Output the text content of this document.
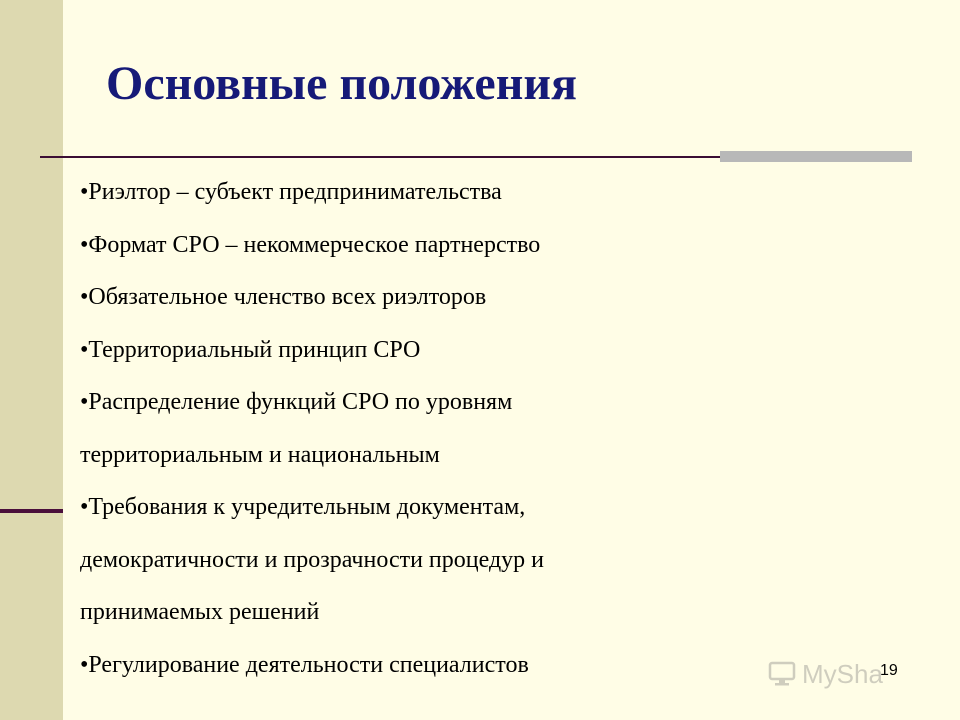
Основные положения
•Риэлтор – субъект предпринимательства
•Формат СРО – некоммерческое партнерство
•Обязательное членство всех риэлторов
•Территориальный принцип СРО
•Распределение функций СРО по уровням
территориальным и национальным
•Требования к учредительным документам,
демократичности и прозрачности процедур и
принимаемых решений
•Регулирование деятельности специалистов	MySha
19
